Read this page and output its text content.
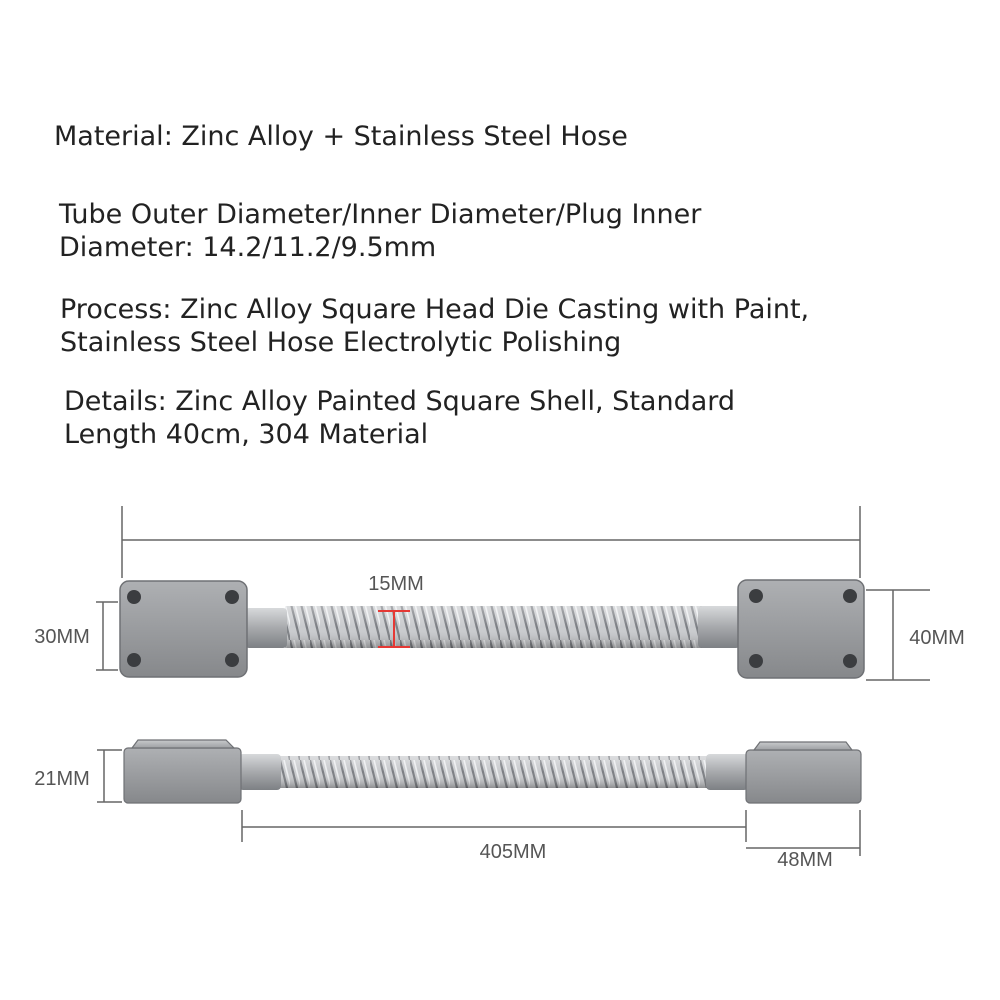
Material: Zinc Alloy + Stainless Steel Hose

Tube Outer Diameter/Inner Diameter/Plug Inner
Diameter: 14.2/11.2/9.5mm

Process: Zinc Alloy Square Head Die Casting with Paint,
Stainless Steel Hose Electrolytic Polishing

Details: Zinc Alloy Painted Square Shell, Standard
Length 40cm, 304 Material

15MM
30MM	40MM
21MM
405MM	48MM
